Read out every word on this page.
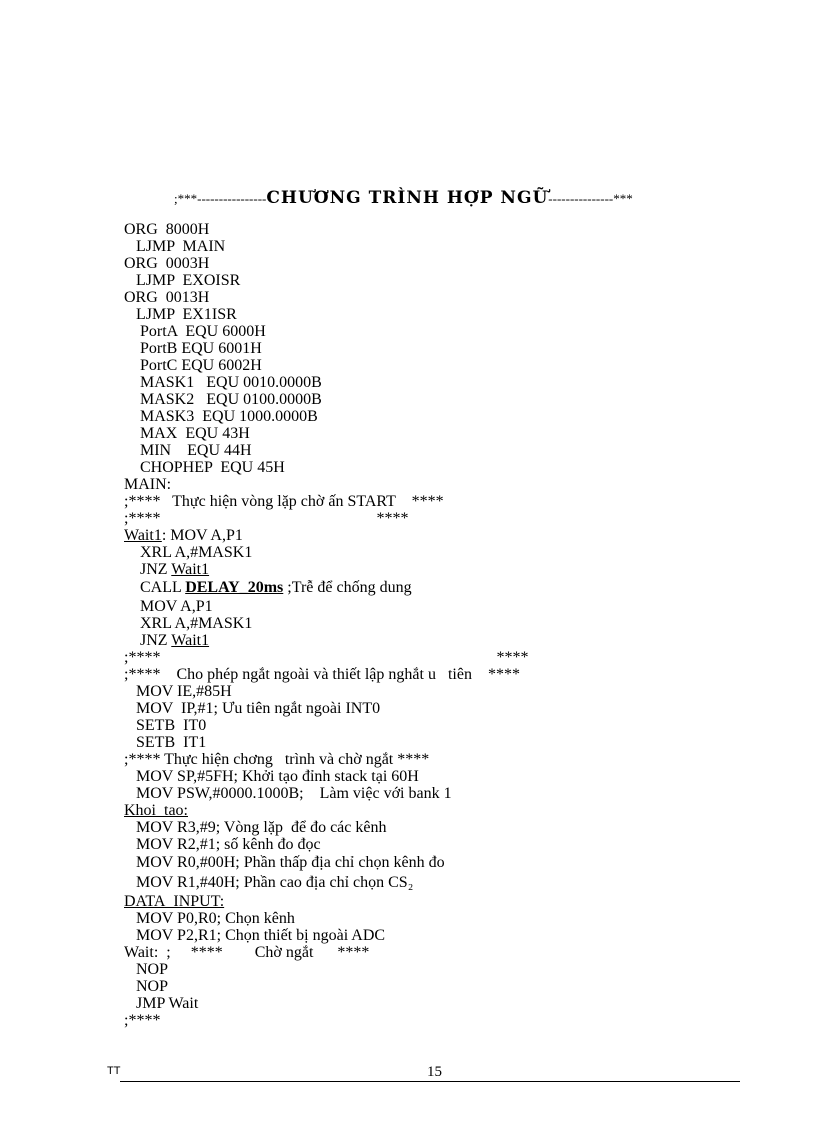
;***----------------CHƯƠNG TRÌNH HỢP NGỮ---------------***
ORG  8000H
LJMP  MAIN
ORG  0003H
LJMP  EXOISR
ORG  0013H
LJMP  EX1ISR
PortA  EQU 6000H
PortB EQU 6001H
PortC EQU 6002H
MASK1   EQU 0010.0000B
MASK2   EQU 0100.0000B
MASK3  EQU 1000.0000B
MAX  EQU 43H
MIN    EQU 44H
CHOPHEP  EQU 45H
MAIN:
;****   Thực hiện vòng lặp chờ ấn START    ****
;****                                                      ****
Wait1: MOV A,P1
XRL A,#MASK1
JNZ Wait1
CALL DELAY_20ms ;Trễ để chống dung
MOV A,P1
XRL A,#MASK1
JNZ Wait1
;****                                                                                    ****
;****    Cho phép ngắt ngoài và thiết lập nghắt u   tiên    ****
MOV IE,#85H
MOV  IP,#1; Ưu tiên ngắt ngoài INT0
SETB  IT0
SETB  IT1
;**** Thực hiện chơng   trình và chờ ngắt ****
MOV SP,#5FH; Khởi tạo đỉnh stack tại 60H
MOV PSW,#0000.1000B;    Làm việc với bank 1
Khoi_tao:
MOV R3,#9; Vòng lặp  để đo các kênh
MOV R2,#1; số kênh đo đọc
MOV R0,#00H; Phần thấp địa chỉ chọn kênh đo
MOV R1,#40H; Phần cao địa chỉ chọn CS₂
DATA_INPUT:
MOV P0,R0; Chọn kênh
MOV P2,R1; Chọn thiết bị ngoài ADC
Wait:  ;     ****        Chờ ngắt      ****
NOP
NOP
JMP Wait
;****
TT	15
